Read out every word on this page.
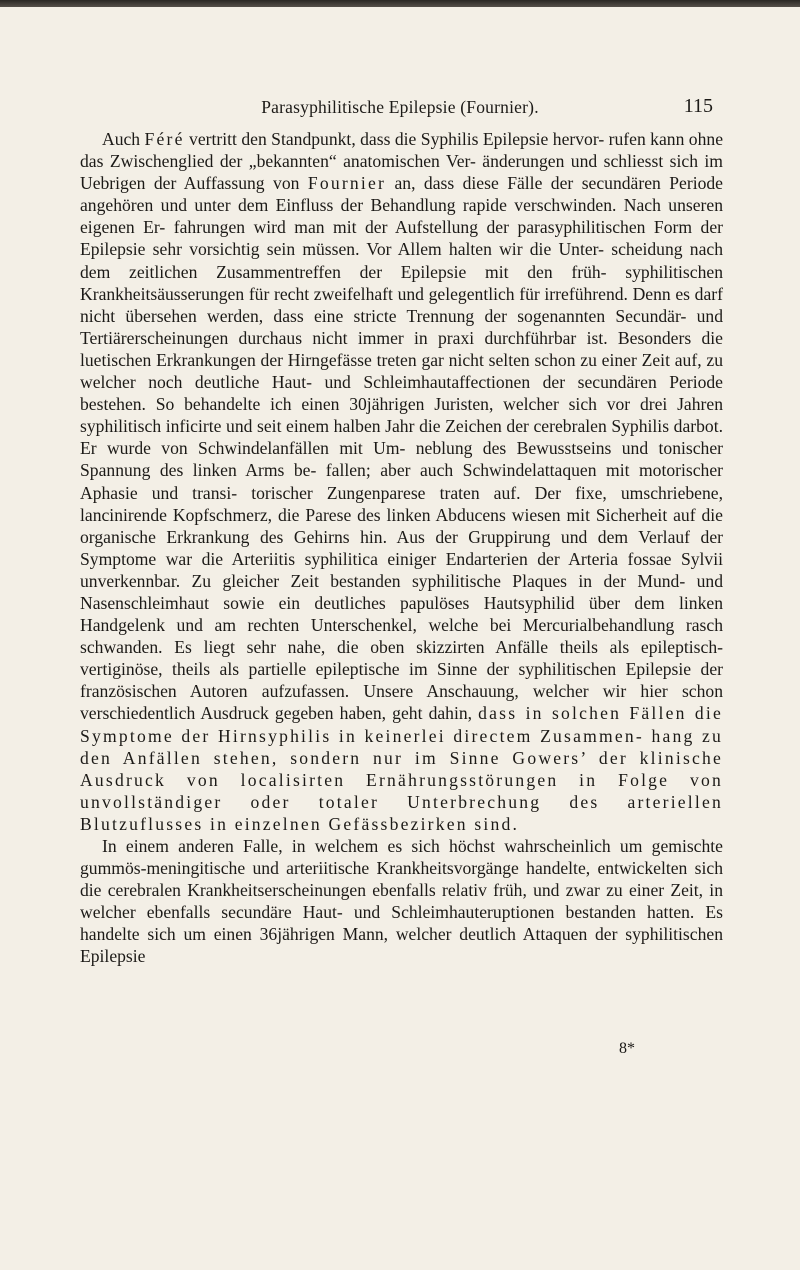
Parasyphilitische Epilepsie (Fournier).	115

Auch Féré vertritt den Standpunkt, dass die Syphilis Epilepsie hervor- rufen kann ohne das Zwischenglied der „bekannten“ anatomischen Ver- änderungen und schliesst sich im Uebrigen der Auffassung von Fournier an, dass diese Fälle der secundären Periode angehören und unter dem Einfluss der Behandlung rapide verschwinden. Nach unseren eigenen Er- fahrungen wird man mit der Aufstellung der parasyphilitischen Form der Epilepsie sehr vorsichtig sein müssen. Vor Allem halten wir die Unter- scheidung nach dem zeitlichen Zusammentreffen der Epilepsie mit den früh- syphilitischen Krankheitsäusserungen für recht zweifelhaft und gelegentlich für irreführend. Denn es darf nicht übersehen werden, dass eine stricte Trennung der sogenannten Secundär- und Tertiärerscheinungen durchaus nicht immer in praxi durchführbar ist. Besonders die luetischen Erkrankungen der Hirngefässe treten gar nicht selten schon zu einer Zeit auf, zu welcher noch deutliche Haut- und Schleimhautaffectionen der secundären Periode bestehen. So behandelte ich einen 30jährigen Juristen, welcher sich vor drei Jahren syphilitisch inficirte und seit einem halben Jahr die Zeichen der cerebralen Syphilis darbot. Er wurde von Schwindelanfällen mit Um- neblung des Bewusstseins und tonischer Spannung des linken Arms be- fallen; aber auch Schwindelattaquen mit motorischer Aphasie und transi- torischer Zungenparese traten auf. Der fixe, umschriebene, lancinirende Kopfschmerz, die Parese des linken Abducens wiesen mit Sicherheit auf die organische Erkrankung des Gehirns hin. Aus der Gruppirung und dem Verlauf der Symptome war die Arteriitis syphilitica einiger Endarterien der Arteria fossae Sylvii unverkennbar. Zu gleicher Zeit bestanden syphilitische Plaques in der Mund- und Nasenschleimhaut sowie ein deutliches papulöses Hautsyphilid über dem linken Handgelenk und am rechten Unterschenkel, welche bei Mercurialbehandlung rasch schwanden. Es liegt sehr nahe, die oben skizzirten Anfälle theils als epileptisch-vertiginöse, theils als partielle epileptische im Sinne der syphilitischen Epilepsie der französischen Autoren aufzufassen. Unsere Anschauung, welcher wir hier schon verschiedentlich Ausdruck gegeben haben, geht dahin, dass in solchen Fällen die Symptome der Hirnsyphilis in keinerlei directem Zusammen- hang zu den Anfällen stehen, sondern nur im Sinne Gowers’ der klinische Ausdruck von localisirten Ernährungsstörungen in Folge von unvollständiger oder totaler Unterbrechung des arteriellen Blutzuflusses in einzelnen Gefässbezirken sind.

In einem anderen Falle, in welchem es sich höchst wahrscheinlich um gemischte gummös-meningitische und arteriitische Krankheitsvorgänge handelte, entwickelten sich die cerebralen Krankheitserscheinungen ebenfalls relativ früh, und zwar zu einer Zeit, in welcher ebenfalls secundäre Haut- und Schleimhauteruptionen bestanden hatten. Es handelte sich um einen 36jährigen Mann, welcher deutlich Attaquen der syphilitischen Epilepsie

8*
